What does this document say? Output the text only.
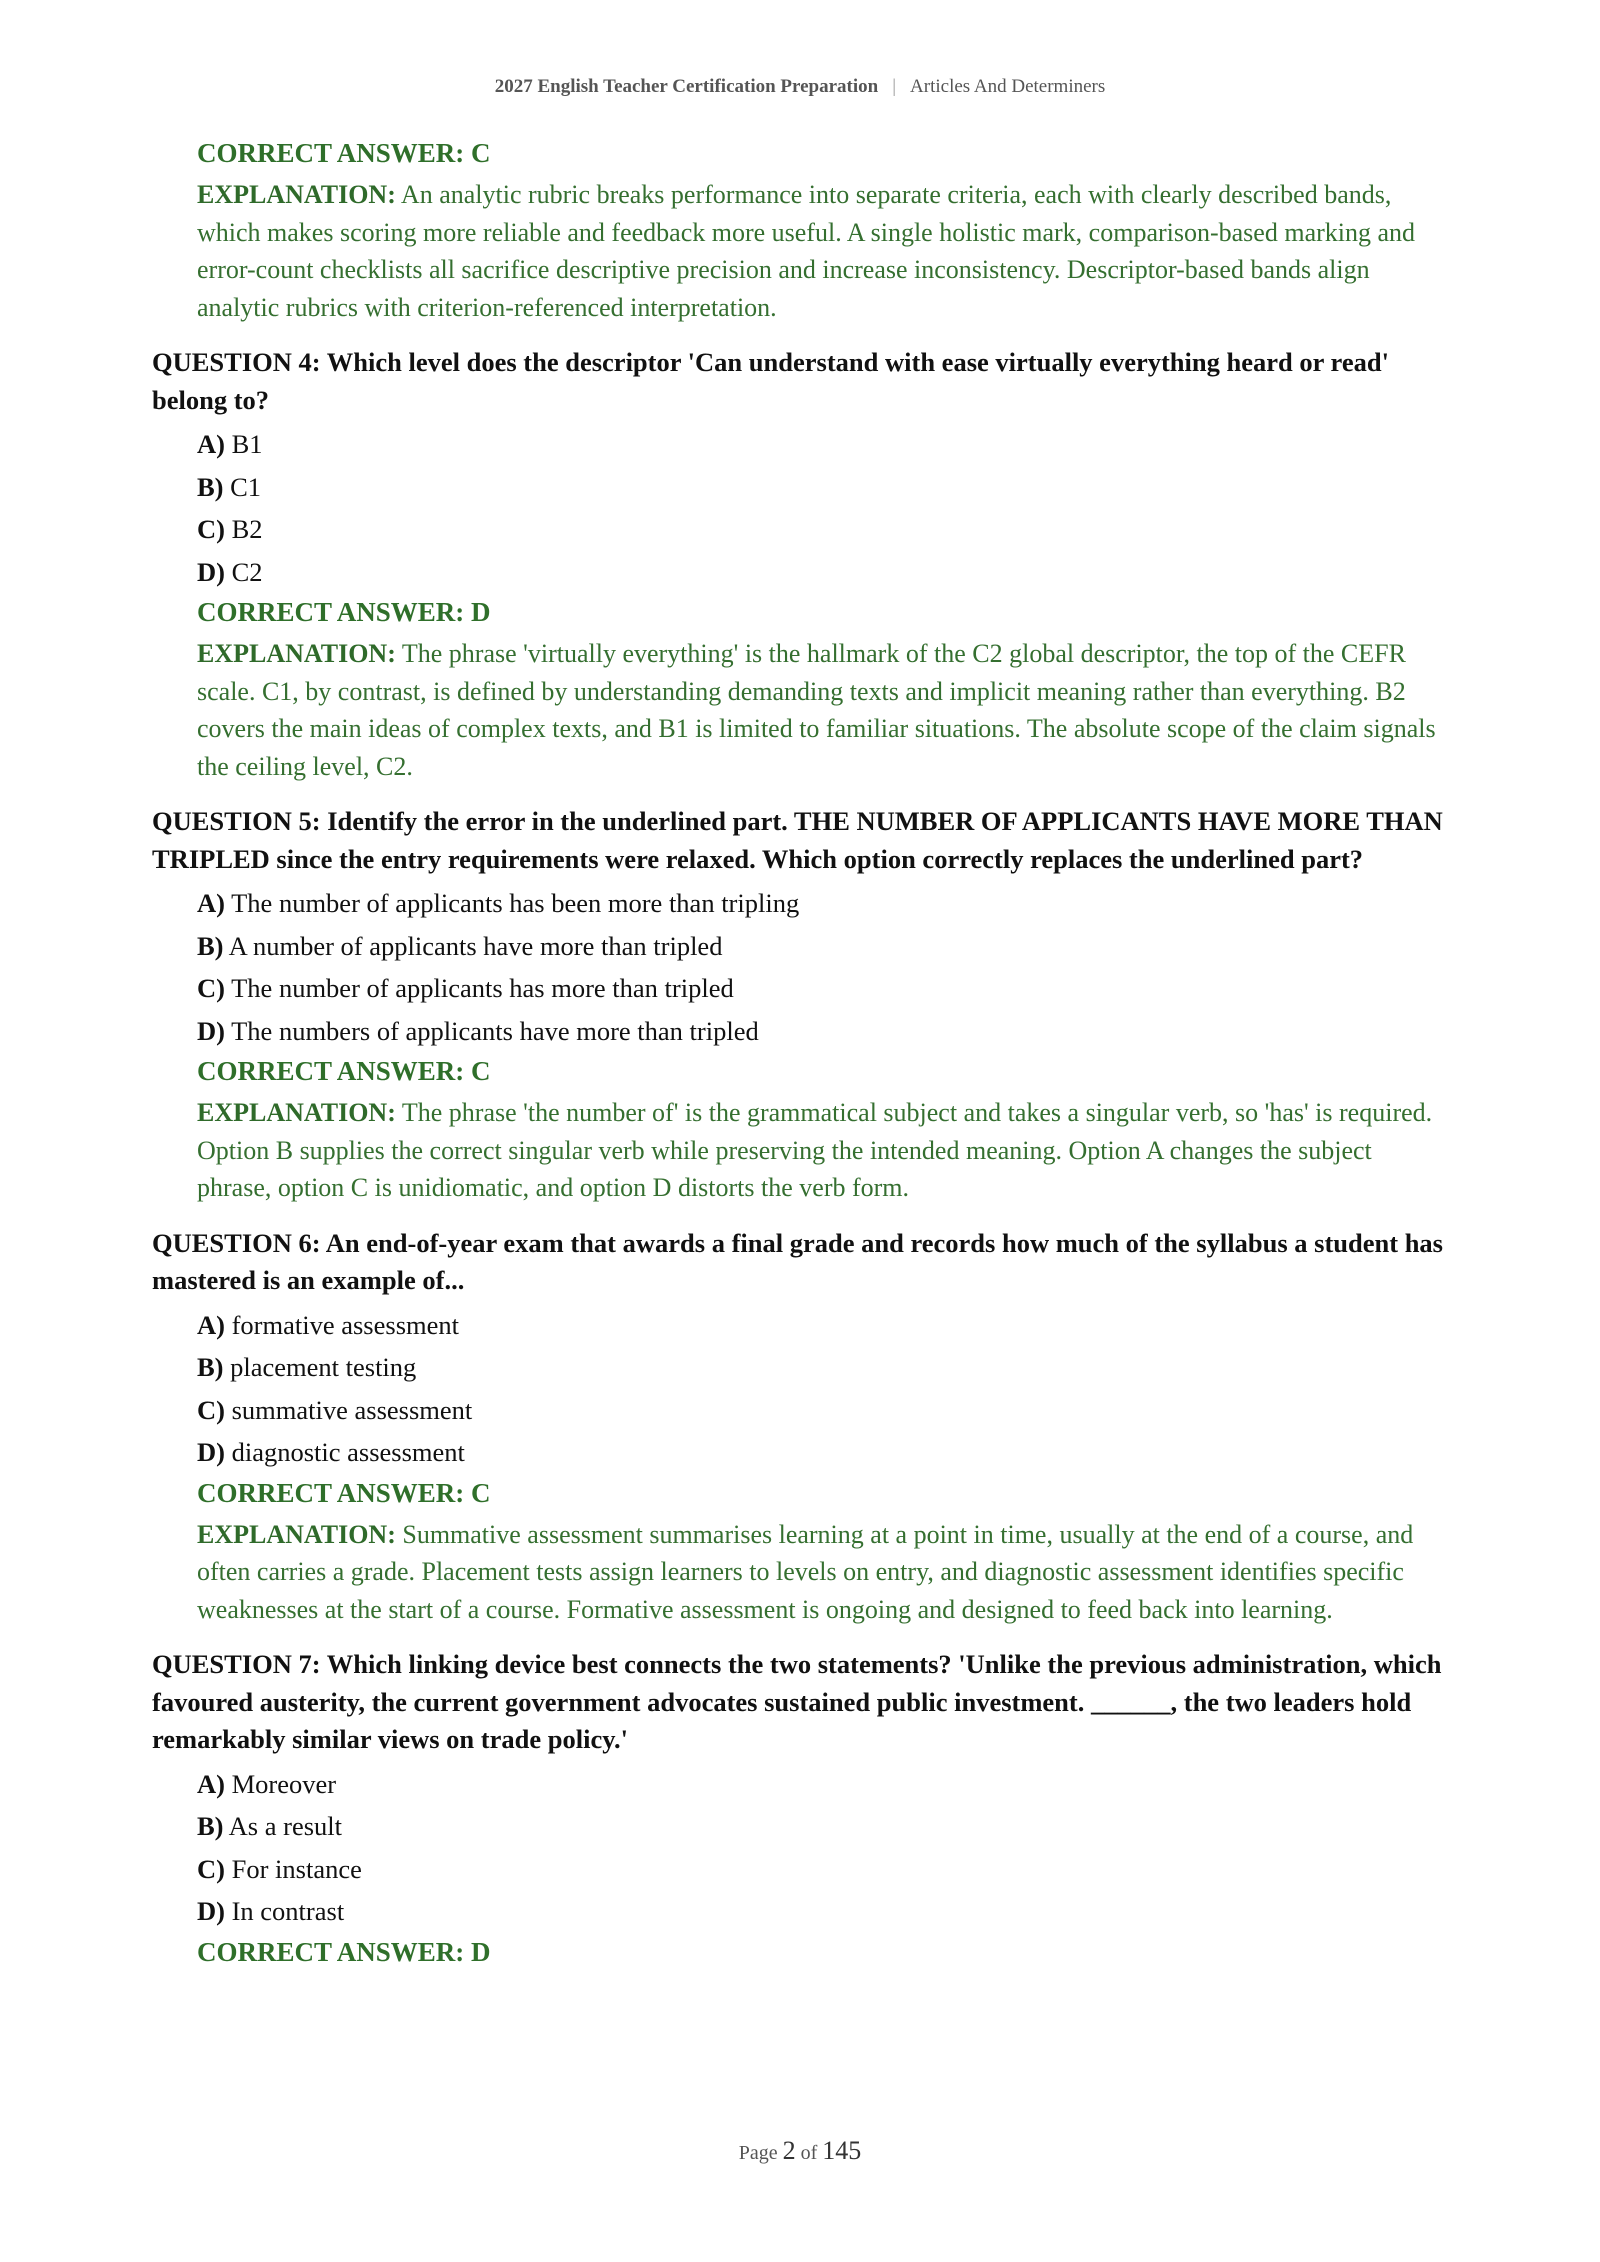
2027 English Teacher Certification Preparation | Articles And Determiners
CORRECT ANSWER: C
EXPLANATION: An analytic rubric breaks performance into separate criteria, each with clearly described bands, which makes scoring more reliable and feedback more useful. A single holistic mark, comparison-based marking and error-count checklists all sacrifice descriptive precision and increase inconsistency. Descriptor-based bands align analytic rubrics with criterion-referenced interpretation.
QUESTION 4: Which level does the descriptor 'Can understand with ease virtually everything heard or read' belong to?
A) B1
B) C1
C) B2
D) C2
CORRECT ANSWER: D
EXPLANATION: The phrase 'virtually everything' is the hallmark of the C2 global descriptor, the top of the CEFR scale. C1, by contrast, is defined by understanding demanding texts and implicit meaning rather than everything. B2 covers the main ideas of complex texts, and B1 is limited to familiar situations. The absolute scope of the claim signals the ceiling level, C2.
QUESTION 5: Identify the error in the underlined part. THE NUMBER OF APPLICANTS HAVE MORE THAN TRIPLED since the entry requirements were relaxed. Which option correctly replaces the underlined part?
A) The number of applicants has been more than tripling
B) A number of applicants have more than tripled
C) The number of applicants has more than tripled
D) The numbers of applicants have more than tripled
CORRECT ANSWER: C
EXPLANATION: The phrase 'the number of' is the grammatical subject and takes a singular verb, so 'has' is required. Option B supplies the correct singular verb while preserving the intended meaning. Option A changes the subject phrase, option C is unidiomatic, and option D distorts the verb form.
QUESTION 6: An end-of-year exam that awards a final grade and records how much of the syllabus a student has mastered is an example of...
A) formative assessment
B) placement testing
C) summative assessment
D) diagnostic assessment
CORRECT ANSWER: C
EXPLANATION: Summative assessment summarises learning at a point in time, usually at the end of a course, and often carries a grade. Placement tests assign learners to levels on entry, and diagnostic assessment identifies specific weaknesses at the start of a course. Formative assessment is ongoing and designed to feed back into learning.
QUESTION 7: Which linking device best connects the two statements? 'Unlike the previous administration, which favoured austerity, the current government advocates sustained public investment. ______, the two leaders hold remarkably similar views on trade policy.'
A) Moreover
B) As a result
C) For instance
D) In contrast
CORRECT ANSWER: D
Page 2 of 145
